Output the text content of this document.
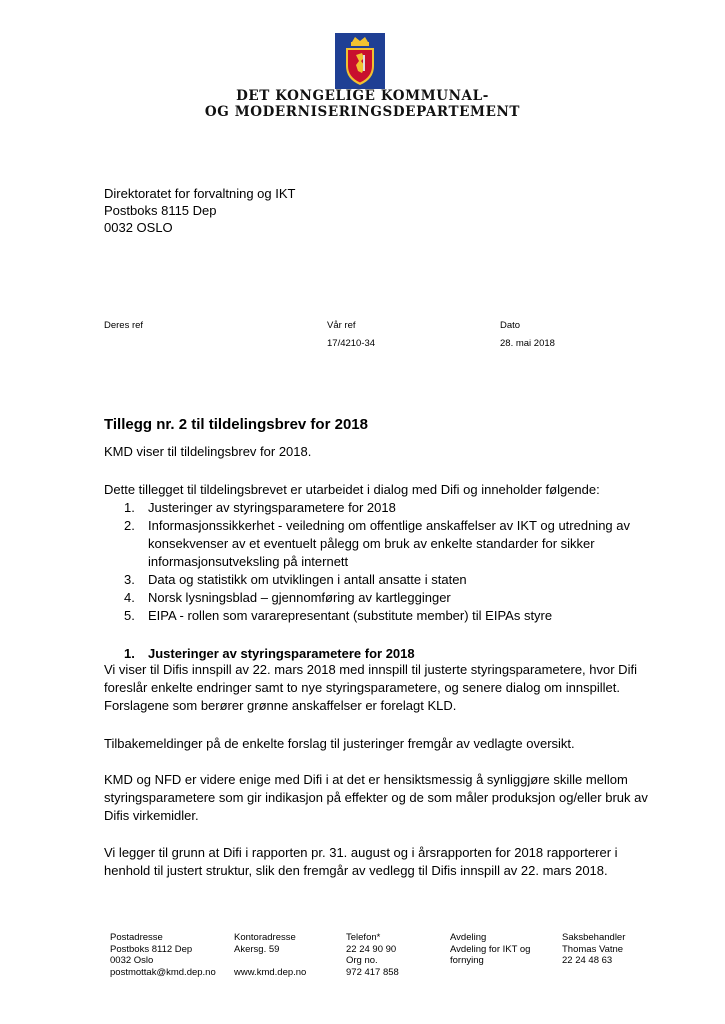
DET KONGELIGE KOMMUNAL-
OG MODERNISERINGSDEPARTEMENT
Direktoratet for forvaltning og IKT
Postboks 8115 Dep
0032 OSLO
Deres ref	Vår ref
17/4210-34
Dato
28. mai 2018
Tillegg nr. 2 til tildelingsbrev for 2018
KMD viser til tildelingsbrev for 2018.
Dette tillegget til tildelingsbrevet er utarbeidet i dialog med Difi og inneholder følgende:
1. Justeringer av styringsparametere for 2018
2. Informasjonssikkerhet - veiledning om offentlige anskaffelser av IKT og utredning av konsekvenser av et eventuelt pålegg om bruk av enkelte standarder for sikker informasjonsutveksling på internett
3. Data og statistikk om utviklingen i antall ansatte i staten
4. Norsk lysningsblad – gjennomføring av kartlegginger
5. EIPA - rollen som vararepresentant (substitute member) til EIPAs styre
1. Justeringer av styringsparametere for 2018
Vi viser til Difis innspill av 22. mars 2018 med innspill til justerte styringsparametere, hvor Difi foreslår enkelte endringer samt to nye styringsparametere, og senere dialog om innspillet. Forslagene som berører grønne anskaffelser er forelagt KLD.
Tilbakemeldinger på de enkelte forslag til justeringer fremgår av vedlagte oversikt.
KMD og NFD er videre enige med Difi i at det er hensiktsmessig å synliggjøre skille mellom styringsparametere som gir indikasjon på effekter og de som måler produksjon og/eller bruk av Difis virkemidler.
Vi legger til grunn at Difi i rapporten pr. 31. august og i årsrapporten for 2018 rapporterer i henhold til justert struktur, slik den fremgår av vedlegg til Difis innspill av 22. mars 2018.
Postadresse
Postboks 8112 Dep
0032 Oslo
postmottak@kmd.dep.no
Kontoradresse
Akersg. 59

www.kmd.dep.no
Telefon*
22 24 90 90
Org no.
972 417 858
Avdeling
Avdeling for IKT og
fornying
Saksbehandler
Thomas Vatne
22 24 48 63
